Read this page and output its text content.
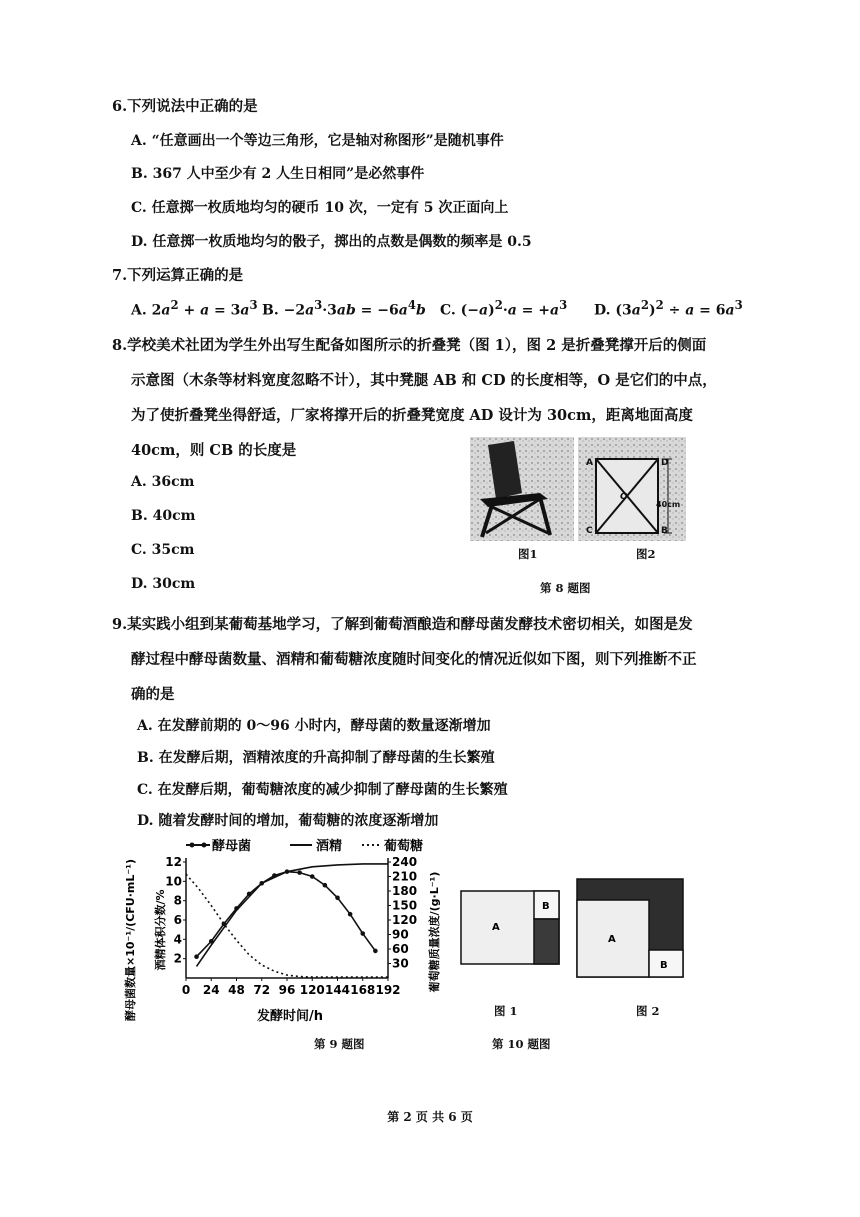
6.下列说法中正确的是
A. “任意画出一个等边三角形，它是轴对称图形”是随机事件
B. 367 人中至少有 2 人生日相同”是必然事件
C. 任意掷一枚质地均匀的硬币 10 次，一定有 5 次正面向上
D. 任意掷一枚质地均匀的骰子，掷出的点数是偶数的频率是 0.5
7.下列运算正确的是
A. $2a^2 + a = 3a^3$ B. $-2a^3\cdot 3ab = -6a^4b$ C. $(-a)^2\cdot a = +a^3$ D. $(3a^2)^2 \div a = 6a^3$
8.学校美术社团为学生外出写生配备如图所示的折叠凳（图 1），图 2 是折叠凳撑开后的侧面
示意图（木条等材料宽度忽略不计），其中凳腿 AB 和 CD 的长度相等，O 是它们的中点，
为了使折叠凳坐得舒适，厂家将撑开后的折叠凳宽度 AD 设计为 30cm，距离地面高度
40cm，则 CB 的长度是
A. 36cm
B. 40cm
C. 35cm
D. 30cm
A	D
C	B
O
40cm
图1	图2
第 8 题图
9.某实践小组到某葡萄基地学习，了解到葡萄酒酿造和酵母菌发酵技术密切相关，如图是发
酵过程中酵母菌数量、酒精和葡萄糖浓度随时间变化的情况近似如下图，则下列推断不正
确的是
A. 在发酵前期的 0～96 小时内，酵母菌的数量逐渐增加
B. 在发酵后期，酒精浓度的升高抑制了酵母菌的生长繁殖
C. 在发酵后期，葡萄糖浓度的减少抑制了酵母菌的生长繁殖
D. 随着发酵时间的增加，葡萄糖的浓度逐渐增加
酵母菌	酒精	葡萄糖
酵母菌数量×10⁻¹/(CFU·mL⁻¹) 酒精体积分数/%	葡萄糖质量浓度/(g·L⁻¹)
发酵时间/h
0 24 48 72 96 120 144 168 192
2
4
6
8
10
12
30
60
90
120
150
180
210
240
第 9 题图
A
B
A
B
图 1	图 2
第 10 题图
第 2 页 共 6 页
